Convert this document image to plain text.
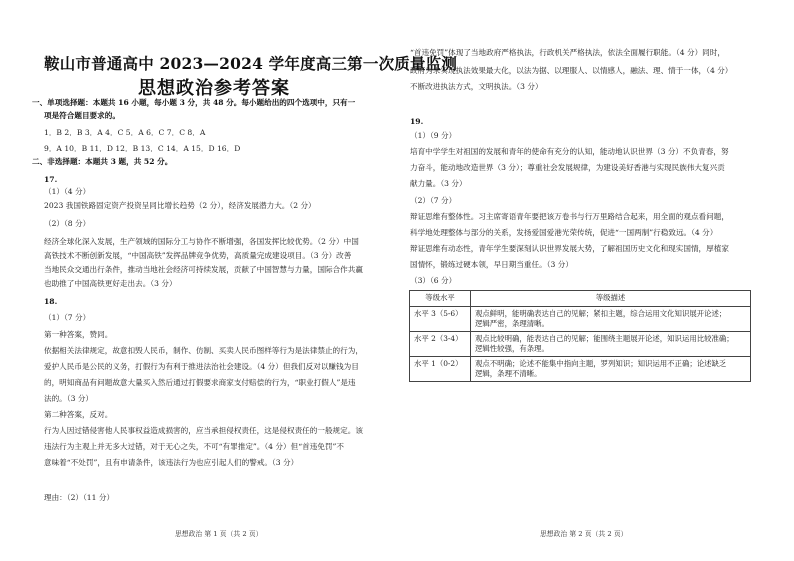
鞍山市普通高中 2023—2024 学年度高三第一次质量监测
思想政治参考答案
一、单项选择题：本题共 16 小题，每小题 3 分，共 48 分。每小题给出的四个选项中，只有一
项是符合题目要求的。
1．B 2．B 3．A 4．C 5．A 6．C 7．C 8．A
9．A 10．B 11．D 12．B 13．C 14．A 15．D 16．D
二、非选择题：本题共 3 题，共 52 分。
17.
（1）（4 分）
2023 我国铁路固定资产投资呈同比增长趋势（2 分），经济发展潜力大。（2 分）
（2）（8 分）
经济全球化深入发展，生产领域的国际分工与协作不断增强，各国发挥比较优势。（2 分）中国
高铁技术不断创新发展，“中国高铁”发挥品牌竞争优势，高质量完成建设项目。（3 分）改善
当地民众交通出行条件，推动当地社会经济可持续发展，贡献了中国智慧与力量，国际合作共赢
也助推了中国高铁更好走出去。（3 分）
18.
（1）（7 分）
第一种答案，赞同。
依据相关法律规定，故意扣毁人民币，制作、仿制、买卖人民币图样等行为是法律禁止的行为，
爱护人民币是公民的义务，打假行为有利于推进法治社会建设。（4 分）但我们反对以赚钱为目
的，明知商品有问题故意大量买入然后通过打假要求商家支付赔偿的行为，“职业打假人”是违
法的。（3 分）
第二种答案，反对。
行为人因过错侵害他人民事权益造成损害的，应当承担侵权责任，这是侵权责任的一般规定。该
违法行为主观上并无多大过错，对于无心之失，不可“有罪推定”。（4 分）但“首违免罚”不
意味着“不处罚”，且有申请条件，该违法行为也应引起人们的警戒。（3 分）
理由：（2）（11 分）
思想政治 第 1 页（共 2 页）
“首违免罚”体现了当地政府严格执法，行政机关严格执法，依法全面履行职能。（4 分）同时，
政府为求实现执法效果最大化，以法为据、以理服人、以情感人，融法、理、情于一体，（4 分）
不断改进执法方式，文明执法。（3 分）
19.
（1）（9 分）
培育中学学生对祖国的发展和青年的使命有充分的认知，能动地认识世界（3 分）不负青春，努
力奋斗，能动地改造世界（3 分）；尊重社会发展规律，为建设美好香港与实现民族伟大复兴贡
献力量。（3 分）
（2）（7 分）
辩证思维有整体性。习主席寄语青年要把该万卷书与行万里路结合起来，用全面的观点看问题，
科学地处理整体与部分的关系，发扬爱国爱港光荣传统，促进“一国两制”行稳致远。（4 分）
辩证思维有动态性，青年学生要深刻认识世界发展大势，了解祖国历史文化和现实国情，厚植家
国情怀，锻练过硬本领，早日期当重任。（3 分）
（3）（6 分）
等级水平	等级描述
水平 3（5-6）	观点鲜明，能明确表达自己的见解；紧扣主题，综合运用文化知识展开论述；
逻辑严密，条理清晰。

水平 2（3-4）	观点比较明确，能表达自己的见解；能围绕主题展开论述，知识运用比较准确；
逻辑性较强，有条理。

水平 1（0-2）	观点不明确；论述不能集中指向主题，罗列知识；知识运用不正确；论述缺乏
逻辑，条理不清晰。
思想政治 第 2 页（共 2 页）
